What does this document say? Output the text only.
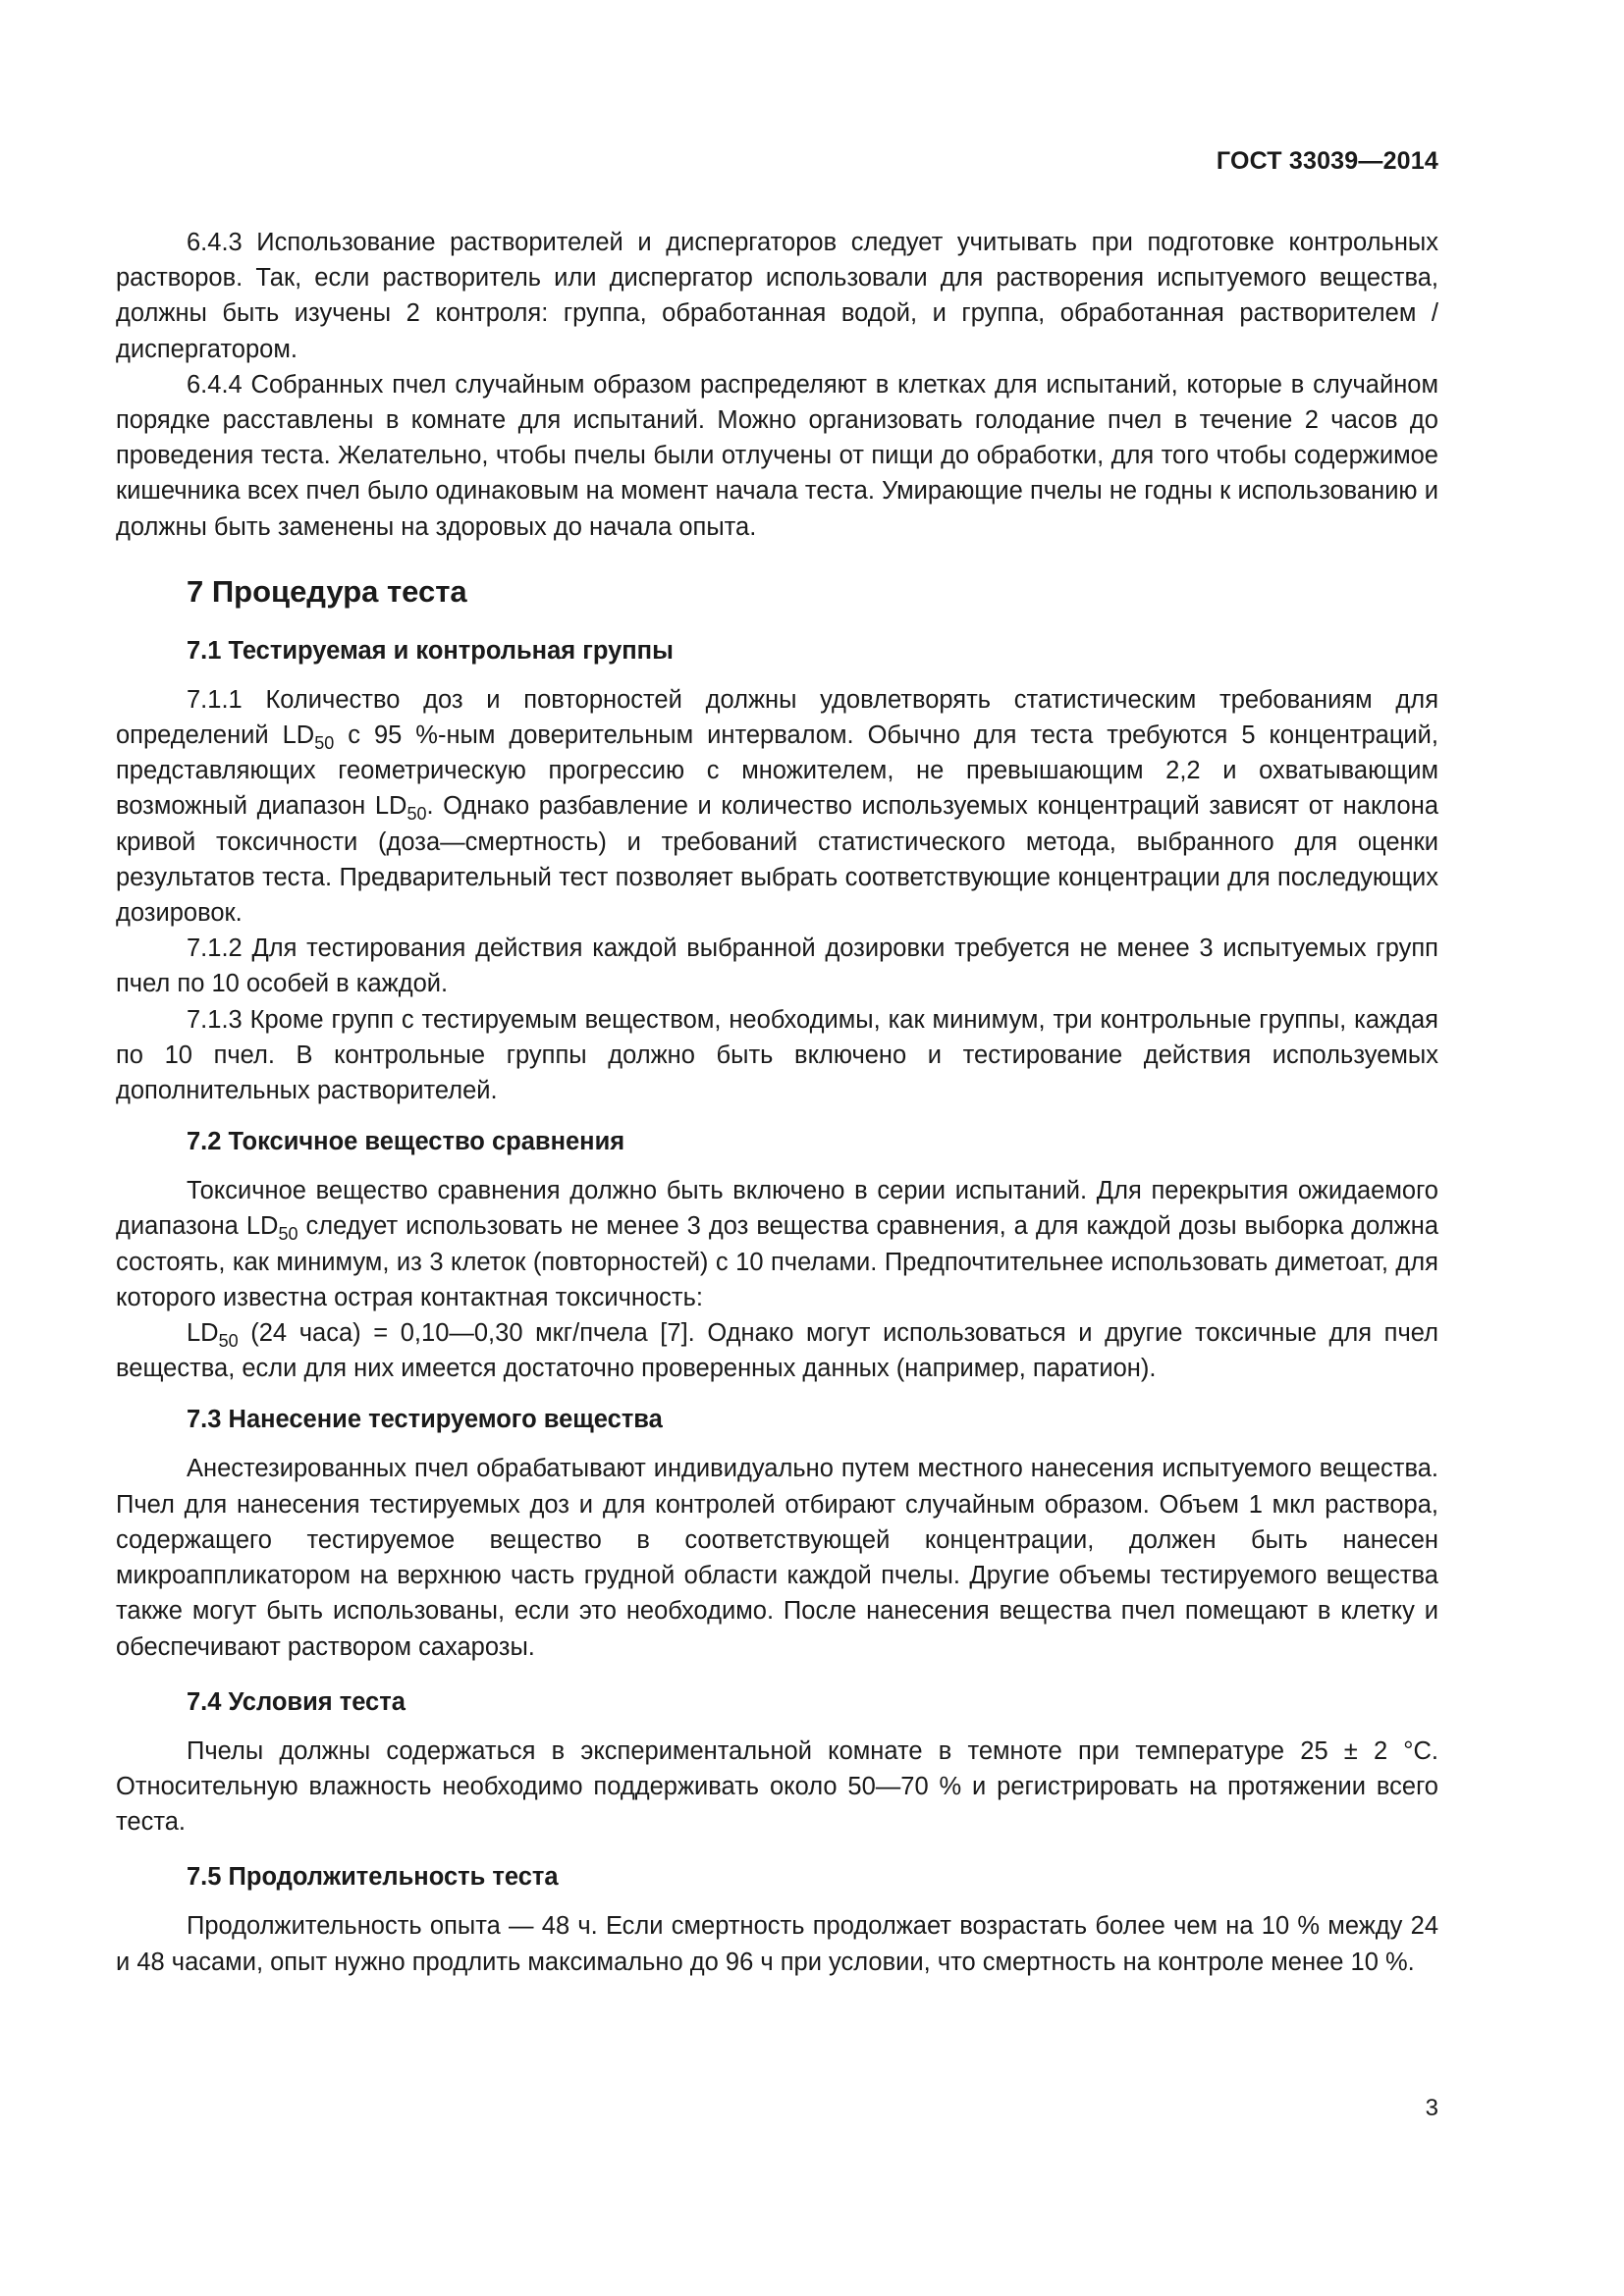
ГОСТ 33039—2014

6.4.3 Использование растворителей и диспергаторов следует учитывать при подготовке контрольных растворов. Так, если растворитель или диспергатор использовали для растворения испытуемого вещества, должны быть изучены 2 контроля: группа, обработанная водой, и группа, обработанная растворителем /диспергатором.

6.4.4 Собранных пчел случайным образом распределяют в клетках для испытаний, которые в случайном порядке расставлены в комнате для испытаний. Можно организовать голодание пчел в течение 2 часов до проведения теста. Желательно, чтобы пчелы были отлучены от пищи до обработки, для того чтобы содержимое кишечника всех пчел было одинаковым на момент начала теста. Умирающие пчелы не годны к использованию и должны быть заменены на здоровых до начала опыта.

7 Процедура теста
7.1 Тестируемая и контрольная группы

7.1.1 Количество доз и повторностей должны удовлетворять статистическим требованиям для определений $LD_{50}$ с 95 %-ным доверительным интервалом. Обычно для теста требуются 5 концентраций, представляющих геометрическую прогрессию с множителем, не превышающим 2,2 и охватывающим возможный диапазон $LD_{50}$. Однако разбавление и количество используемых концентраций зависят от наклона кривой токсичности (доза—смертность) и требований статистического метода, выбранного для оценки результатов теста. Предварительный тест позволяет выбрать соответствующие концентрации для последующих дозировок.

7.1.2 Для тестирования действия каждой выбранной дозировки требуется не менее 3 испытуемых групп пчел по 10 особей в каждой.

7.1.3 Кроме групп с тестируемым веществом, необходимы, как минимум, три контрольные группы, каждая по 10 пчел. В контрольные группы должно быть включено и тестирование действия используемых дополнительных растворителей.

7.2 Токсичное вещество сравнения

Токсичное вещество сравнения должно быть включено в серии испытаний. Для перекрытия ожидаемого диапазона $LD_{50}$ следует использовать не менее 3 доз вещества сравнения, а для каждой дозы выборка должна состоять, как минимум, из 3 клеток (повторностей) с 10 пчелами. Предпочтительнее использовать диметоат, для которого известна острая контактная токсичность:

$LD_{50}$ (24 часа) = 0,10—0,30 мкг/пчела [7]. Однако могут использоваться и другие токсичные для пчел вещества, если для них имеется достаточно проверенных данных (например, паратион).

7.3 Нанесение тестируемого вещества

Анестезированных пчел обрабатывают индивидуально путем местного нанесения испытуемого вещества. Пчел для нанесения тестируемых доз и для контролей отбирают случайным образом. Объем 1 мкл раствора, содержащего тестируемое вещество в соответствующей концентрации, должен быть нанесен микроаппликатором на верхнюю часть грудной области каждой пчелы. Другие объемы тестируемого вещества также могут быть использованы, если это необходимо. После нанесения вещества пчел помещают в клетку и обеспечивают раствором сахарозы.

7.4 Условия теста

Пчелы должны содержаться в экспериментальной комнате в темноте при температуре 25 ± 2 °С. Относительную влажность необходимо поддерживать около 50—70 % и регистрировать на протяжении всего теста.

7.5 Продолжительность теста

Продолжительность опыта — 48 ч. Если смертность продолжает возрастать более чем на 10 % между 24 и 48 часами, опыт нужно продлить максимально до 96 ч при условии, что смертность на контроле менее 10 %.

3
